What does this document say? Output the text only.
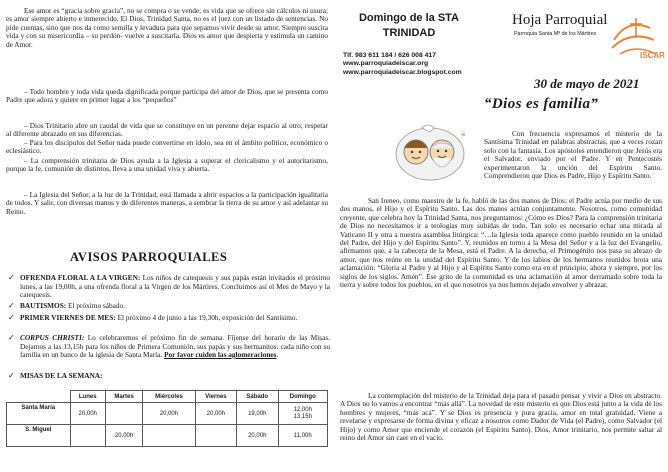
Ese amor es “gracia sobre gracia”, no se compra o se vende; es vida que se ofrece sin cálculos ni usura; es amor siempre abierto e inmerecido. El Dios, Trinidad Santa, no es el juez con un listado de sentencias. No pide cuentas, sino que nos da como semilla y levadura para que sepamos vivir desde su amor. Siempre suscita vida y con su misericordia – su perdón- vuelve a suscitarla. Dios es amor que despierta y estimula un camino de Amor.

– Todo hombre y toda vida queda dignificada porque participa del amor de Dios, que se presenta como Padre que adora y quiere en primer lugar a los “pequeños”

– Dios Trinitario abre un caudal de vida que se constituye en un perenne dejar espacio al otro; respetar al diferente abrazado en sus diferencias.

– Para los discípulos del Señor nada puede convertirse en ídolo, sea en el ámbito político, económico o eclesiástico.

– La comprensión trinitaria de Dios ayuda a la Iglesia a superar el clericalismo y el autoritarismo, porque la fe, comunión de distintos, lleva a una unidad viva y abierta.

– La Iglesia del Señor, a la luz de la Trinidad, está llamada a abrir espacios a la participación igualitaria de todos. Y salir, con diversas manos y de diferentes maneras, a sembrar la tierra de su amor y así adelantar su Reino.

AVISOS PARROQUIALES
✓ OFRENDA FLORAL A LA VIRGEN: Los niños de catequesis y sus papás están invitados el próximo lunes, a las 19,00h, a una ofrenda floral a la Virgen de los Mártires. Concluimos así el Mes de Mayo y la catequesis.
✓ BAUTISMOS: El próximo sábado.
✓ PRIMER VIERNES DE MES: El próximo 4 de junio a las 19,30h, exposición del Santísimo.
✓ CORPUS CHRISTI: Lo celebraremos el próximo fin de semana. Fíjense del horario de las Misas. Dejamos a las 13,15h para los niños de Primera Comunión, sus papás y sus hermanitos: cada niño con su familia en un banco de la iglesia de Santa María. Por favor cuiden las aglomeraciones.
✓ MISAS DE LA SEMANA:
	Lunes	Martes	Miércoles	Viernes	Sábado	Domingo
Santa María	20,00h		20,00h	20,00h	19,00h	12,00h
13,15h
S. Miguel		20,00h			20,00h	11,00h
Domingo de la STA TRINIDAD
Tlf. 983 611 184 / 626 008 417
www.parroquiadeiscar.org
www.parroquiadeiscar.blogspot.com
Hoja Parroquial
Parroquia Santa Mª de los Mártires
ISCAR
30 de mayo de 2021
“Dios es familia”

Con frecuencia expresamos el misterio de la Santísima Trinidad en palabras abstractas, que a veces rozan solo con la fantasía. Los apóstoles entendieron que Jesús era el Salvador, enviado por el Padre. Y en Pentecostés experimentaron la unción del Espíritu Santo. Comprendieron que Dios es Padre, Hijo y Espíritu Santo.

San Ireneo, como maestro de la fe, habló de las dos manos de Dios: el Padre actúa por medio de sus dos manos, el Hijo y el Espíritu Santo. Las dos manos actúan conjuntamente. Nosotros, como comunidad creyente, que celebra hoy la Trinidad Santa, nos preguntamos: ¿Cómo es Dios? Para la comprensión trinitaria de Dios no necesitamos ir a teologías muy subidas de todo. Tan solo es necesario echar una mirada al Vaticano II y otra a nuestra asamblea litúrgica: “…la Iglesia toda aparece como pueblo reunido en la unidad del Padre, del Hijo y del Espíritu Santo”. Y, reunidos en torno a la Mesa del Señor y a la luz del Evangelio, afirmamos que, a la cabecera de la Mesa, está el Padre. A la derecha, el Primogénito nos pasa su abrazo de amor, que nos reúne en la unidad del Espíritu Santo. Y de los labios de los hermanos reunidos brota una aclamación: “Gloria al Padre y al Hijo y al Espíritu Santo como era en el principio, ahora y siempre, por los siglos de los siglos. Amén”. Ese grito de la comunidad es una aclamación al amor derramado sobre toda la tierra y sobre todos los pueblos, en el que nosotros ya nos hemos dejado envolver y abrazar.

La contemplación del misterio de la Trinidad deja para el pasado pensar y vivir a Dios en abstracto. A Dios no lo vamos a encontrar “más allá”. La novedad de este misterio es que Dios está junto a la vida de los hombres y mujeres, “más acá”. Y se Dios es presencia y pura gracia, amor en total gratuidad. Viene a revelarse y expresarse de forma divina y eficaz a nosotros como Dador de Vida (el Padre), como Salvador (el Hijo) y como Amor que enciende el corazón (el Espíritu Santo). Dios, Amor trinitario, nos permite saltar al reino del Amor sin caer en el vacío.
